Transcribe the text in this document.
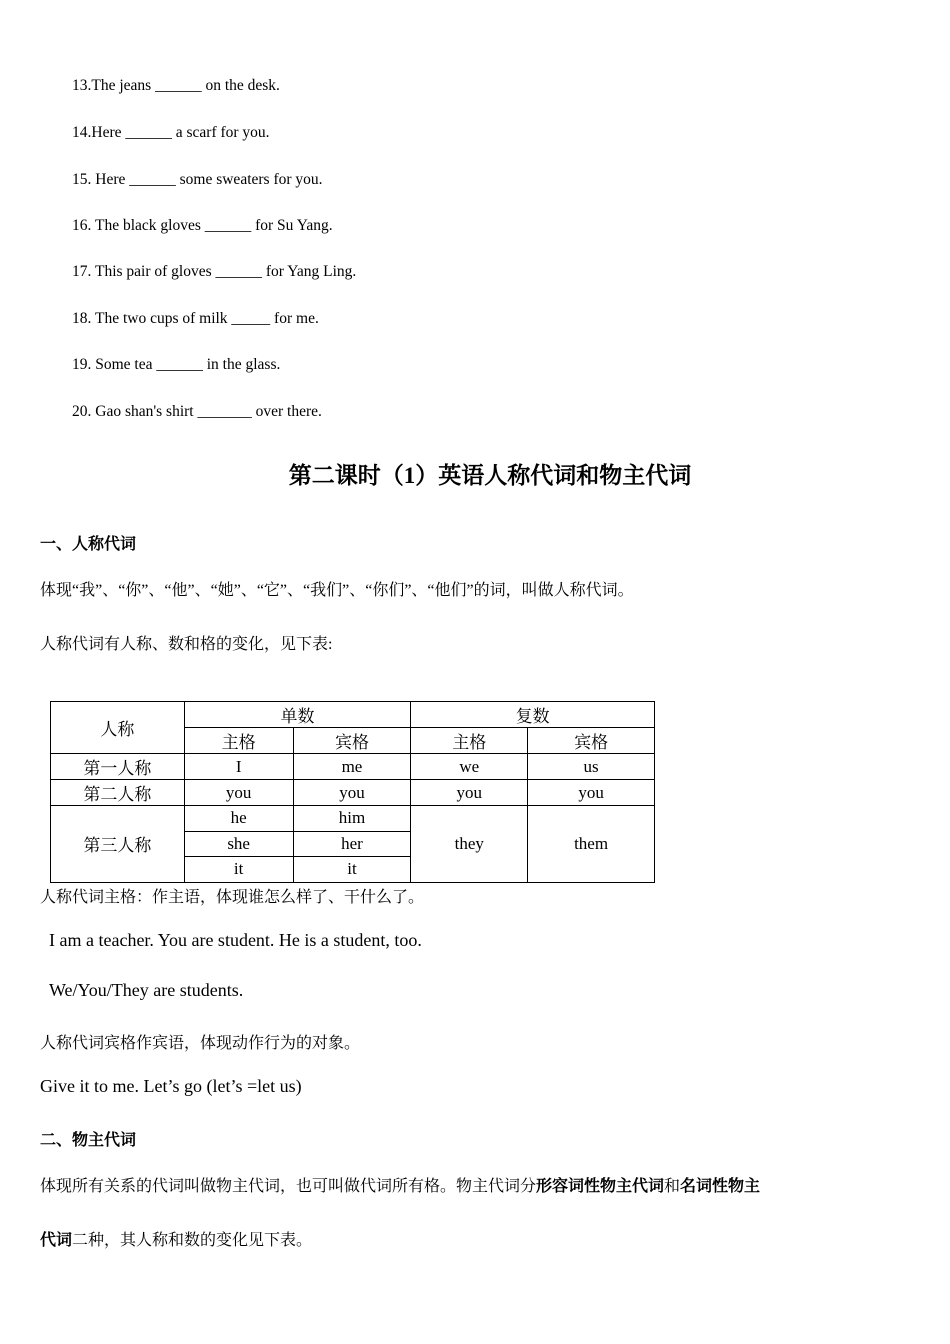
13.The jeans ______ on the desk.
14.Here ______ a scarf for you.
15. Here ______ some sweaters for you.
16. The black gloves ______ for Su Yang.
17. This pair of gloves ______ for Yang Ling.
18. The two cups of milk _____ for me.
19. Some tea ______ in the glass.
20. Gao shan's shirt _______ over there.
第二课时（1）英语人称代词和物主代词
一、人称代词
体现“我”、“你”、“他”、“她”、“它”、“我们”、“你们”、“他们”的词，叫做人称代词。
人称代词有人称、数和格的变化，见下表:
人称	单数		复数	
	主格	宾格	主格	宾格
第一人称	I	me	we	us
第二人称	you	you	you	you
第三人称	he	him	they	them
	she	her		
	it	it		
人称代词主格：作主语，体现谁怎么样了、干什么了。
I am a teacher. You are student. He is a student, too.
We/You/They are students.
人称代词宾格作宾语，体现动作行为的对象。
Give it to me. Let’s go (let’s =let us)
二、物主代词
体现所有关系的代词叫做物主代词，也可叫做代词所有格。物主代词分形容词性物主代词和名词性物主
代词二种，其人称和数的变化见下表。
